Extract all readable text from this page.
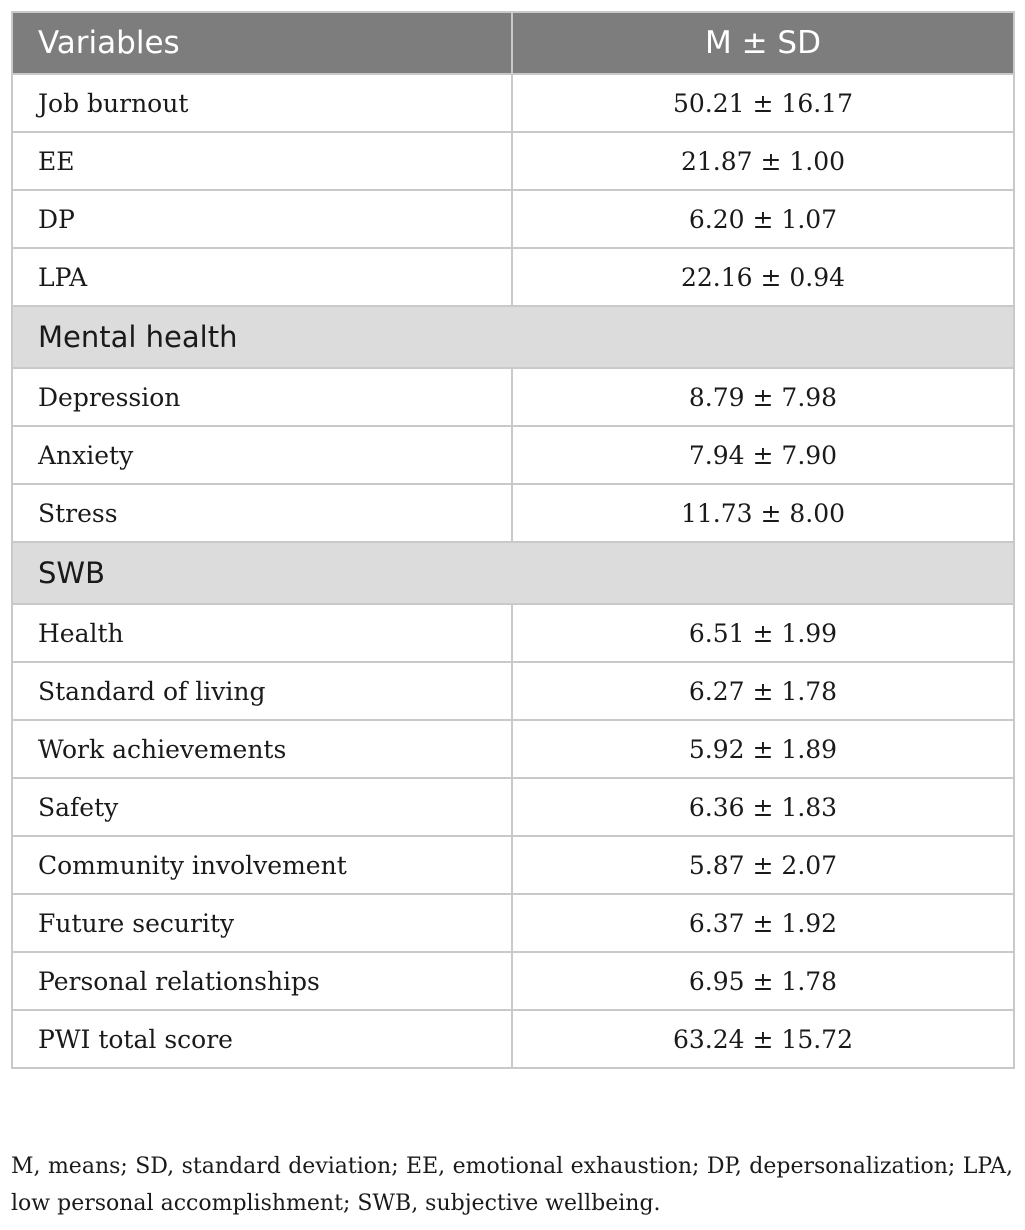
Variables	M ± SD
Job burnout	50.21 ± 16.17
EE	21.87 ± 1.00
DP	6.20 ± 1.07
LPA	22.16 ± 0.94
Mental health	
Depression	8.79 ± 7.98
Anxiety	7.94 ± 7.90
Stress	11.73 ± 8.00
SWB	
Health	6.51 ± 1.99
Standard of living	6.27 ± 1.78
Work achievements	5.92 ± 1.89
Safety	6.36 ± 1.83
Community involvement	5.87 ± 2.07
Future security	6.37 ± 1.92
Personal relationships	6.95 ± 1.78
PWI total score	63.24 ± 15.72
M, means; SD, standard deviation; EE, emotional exhaustion; DP, depersonalization; LPA, low personal accomplishment; SWB, subjective wellbeing.
